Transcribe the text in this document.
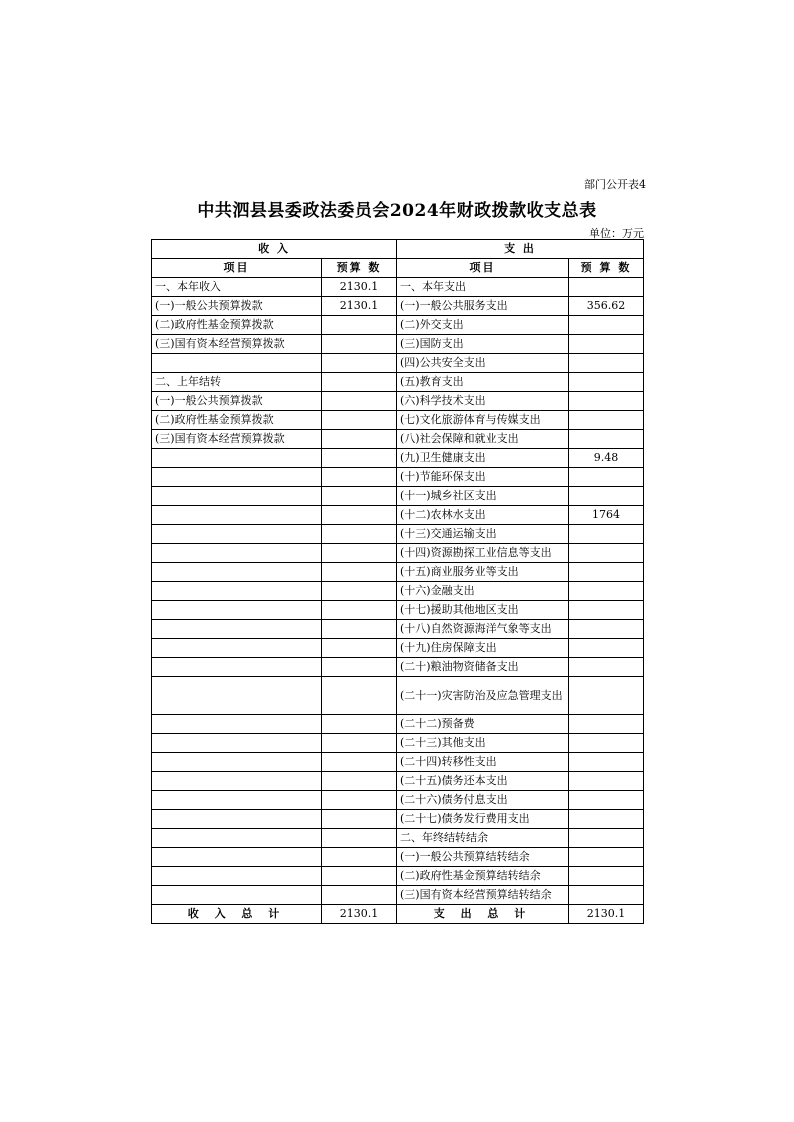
部门公开表4
中共泗县县委政法委员会2024年财政拨款收支总表
单位：万元
收 入		支 出	
项目	预算 数	项目	预 算 数
一、本年收入	2130.1	一、本年支出	
(一)一般公共预算拨款	2130.1	(一)一般公共服务支出	356.62
(二)政府性基金预算拨款		(二)外交支出	
(三)国有资本经营预算拨款		(三)国防支出	
		(四)公共安全支出	
二、上年结转		(五)教育支出	
(一)一般公共预算拨款		(六)科学技术支出	
(二)政府性基金预算拨款		(七)文化旅游体育与传媒支出	
(三)国有资本经营预算拨款		(八)社会保障和就业支出	
		(九)卫生健康支出	9.48
		(十)节能环保支出	
		(十一)城乡社区支出	
		(十二)农林水支出	1764
		(十三)交通运输支出	
		(十四)资源勘探工业信息等支出	
		(十五)商业服务业等支出	
		(十六)金融支出	
		(十七)援助其他地区支出	
		(十八)自然资源海洋气象等支出	
		(十九)住房保障支出	
		(二十)粮油物资储备支出	
		(二十一)灾害防治及应急管理支出	
		(二十二)预备费	
		(二十三)其他支出	
		(二十四)转移性支出	
		(二十五)债务还本支出	
		(二十六)债务付息支出	
		(二十七)债务发行费用支出	
		二、年终结转结余	
		(一)一般公共预算结转结余	
		(二)政府性基金预算结转结余	
		(三)国有资本经营预算结转结余	
收 入 总 计	2130.1	支 出 总 计	2130.1
